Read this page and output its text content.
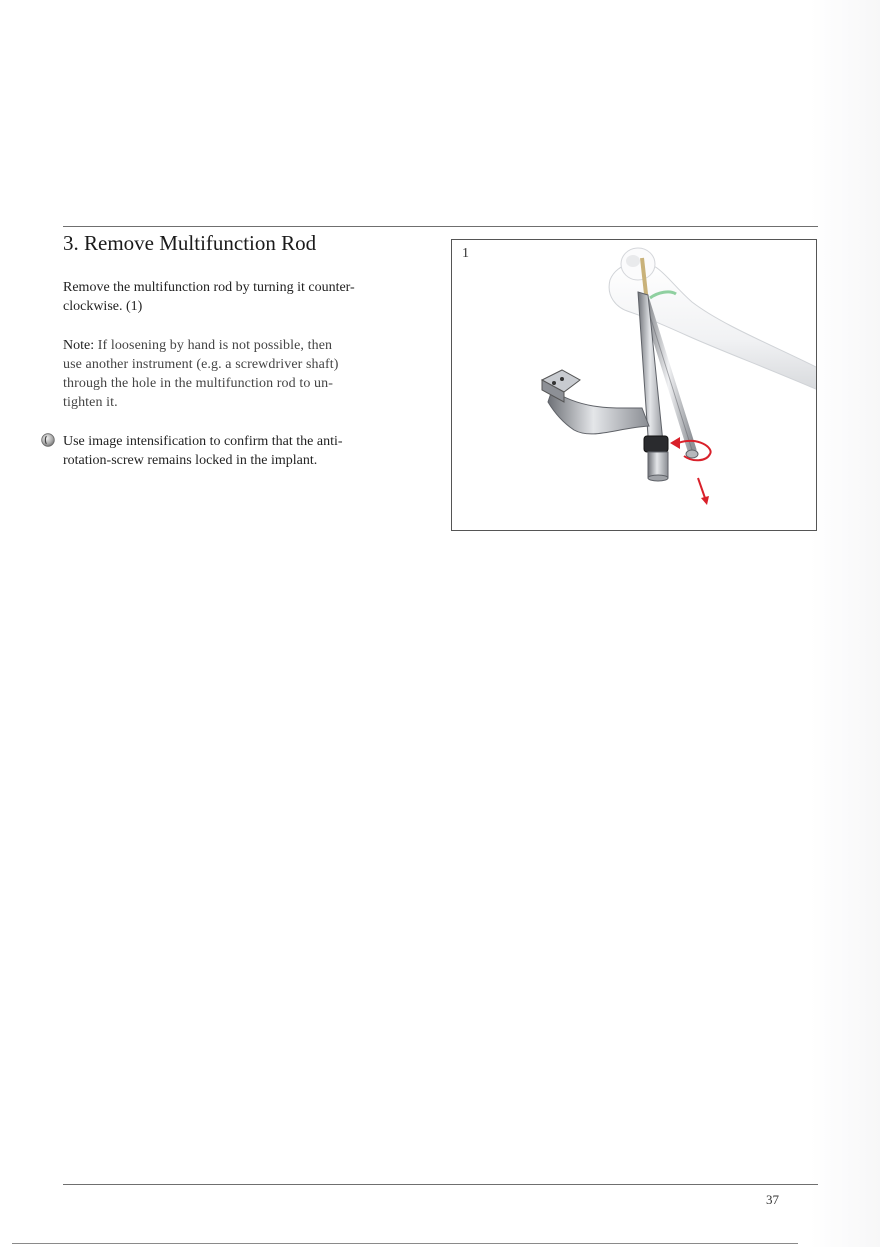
3. Remove Multifunction Rod

Remove the multifunction rod by turning it counter-
clockwise. (1)

Note: If loosening by hand is not possible, then
use another instrument (e.g. a screwdriver shaft)
through the hole in the multifunction rod to un-
tighten it.

Use image intensification to confirm that the anti-
rotation-screw remains locked in the implant.

1
37
